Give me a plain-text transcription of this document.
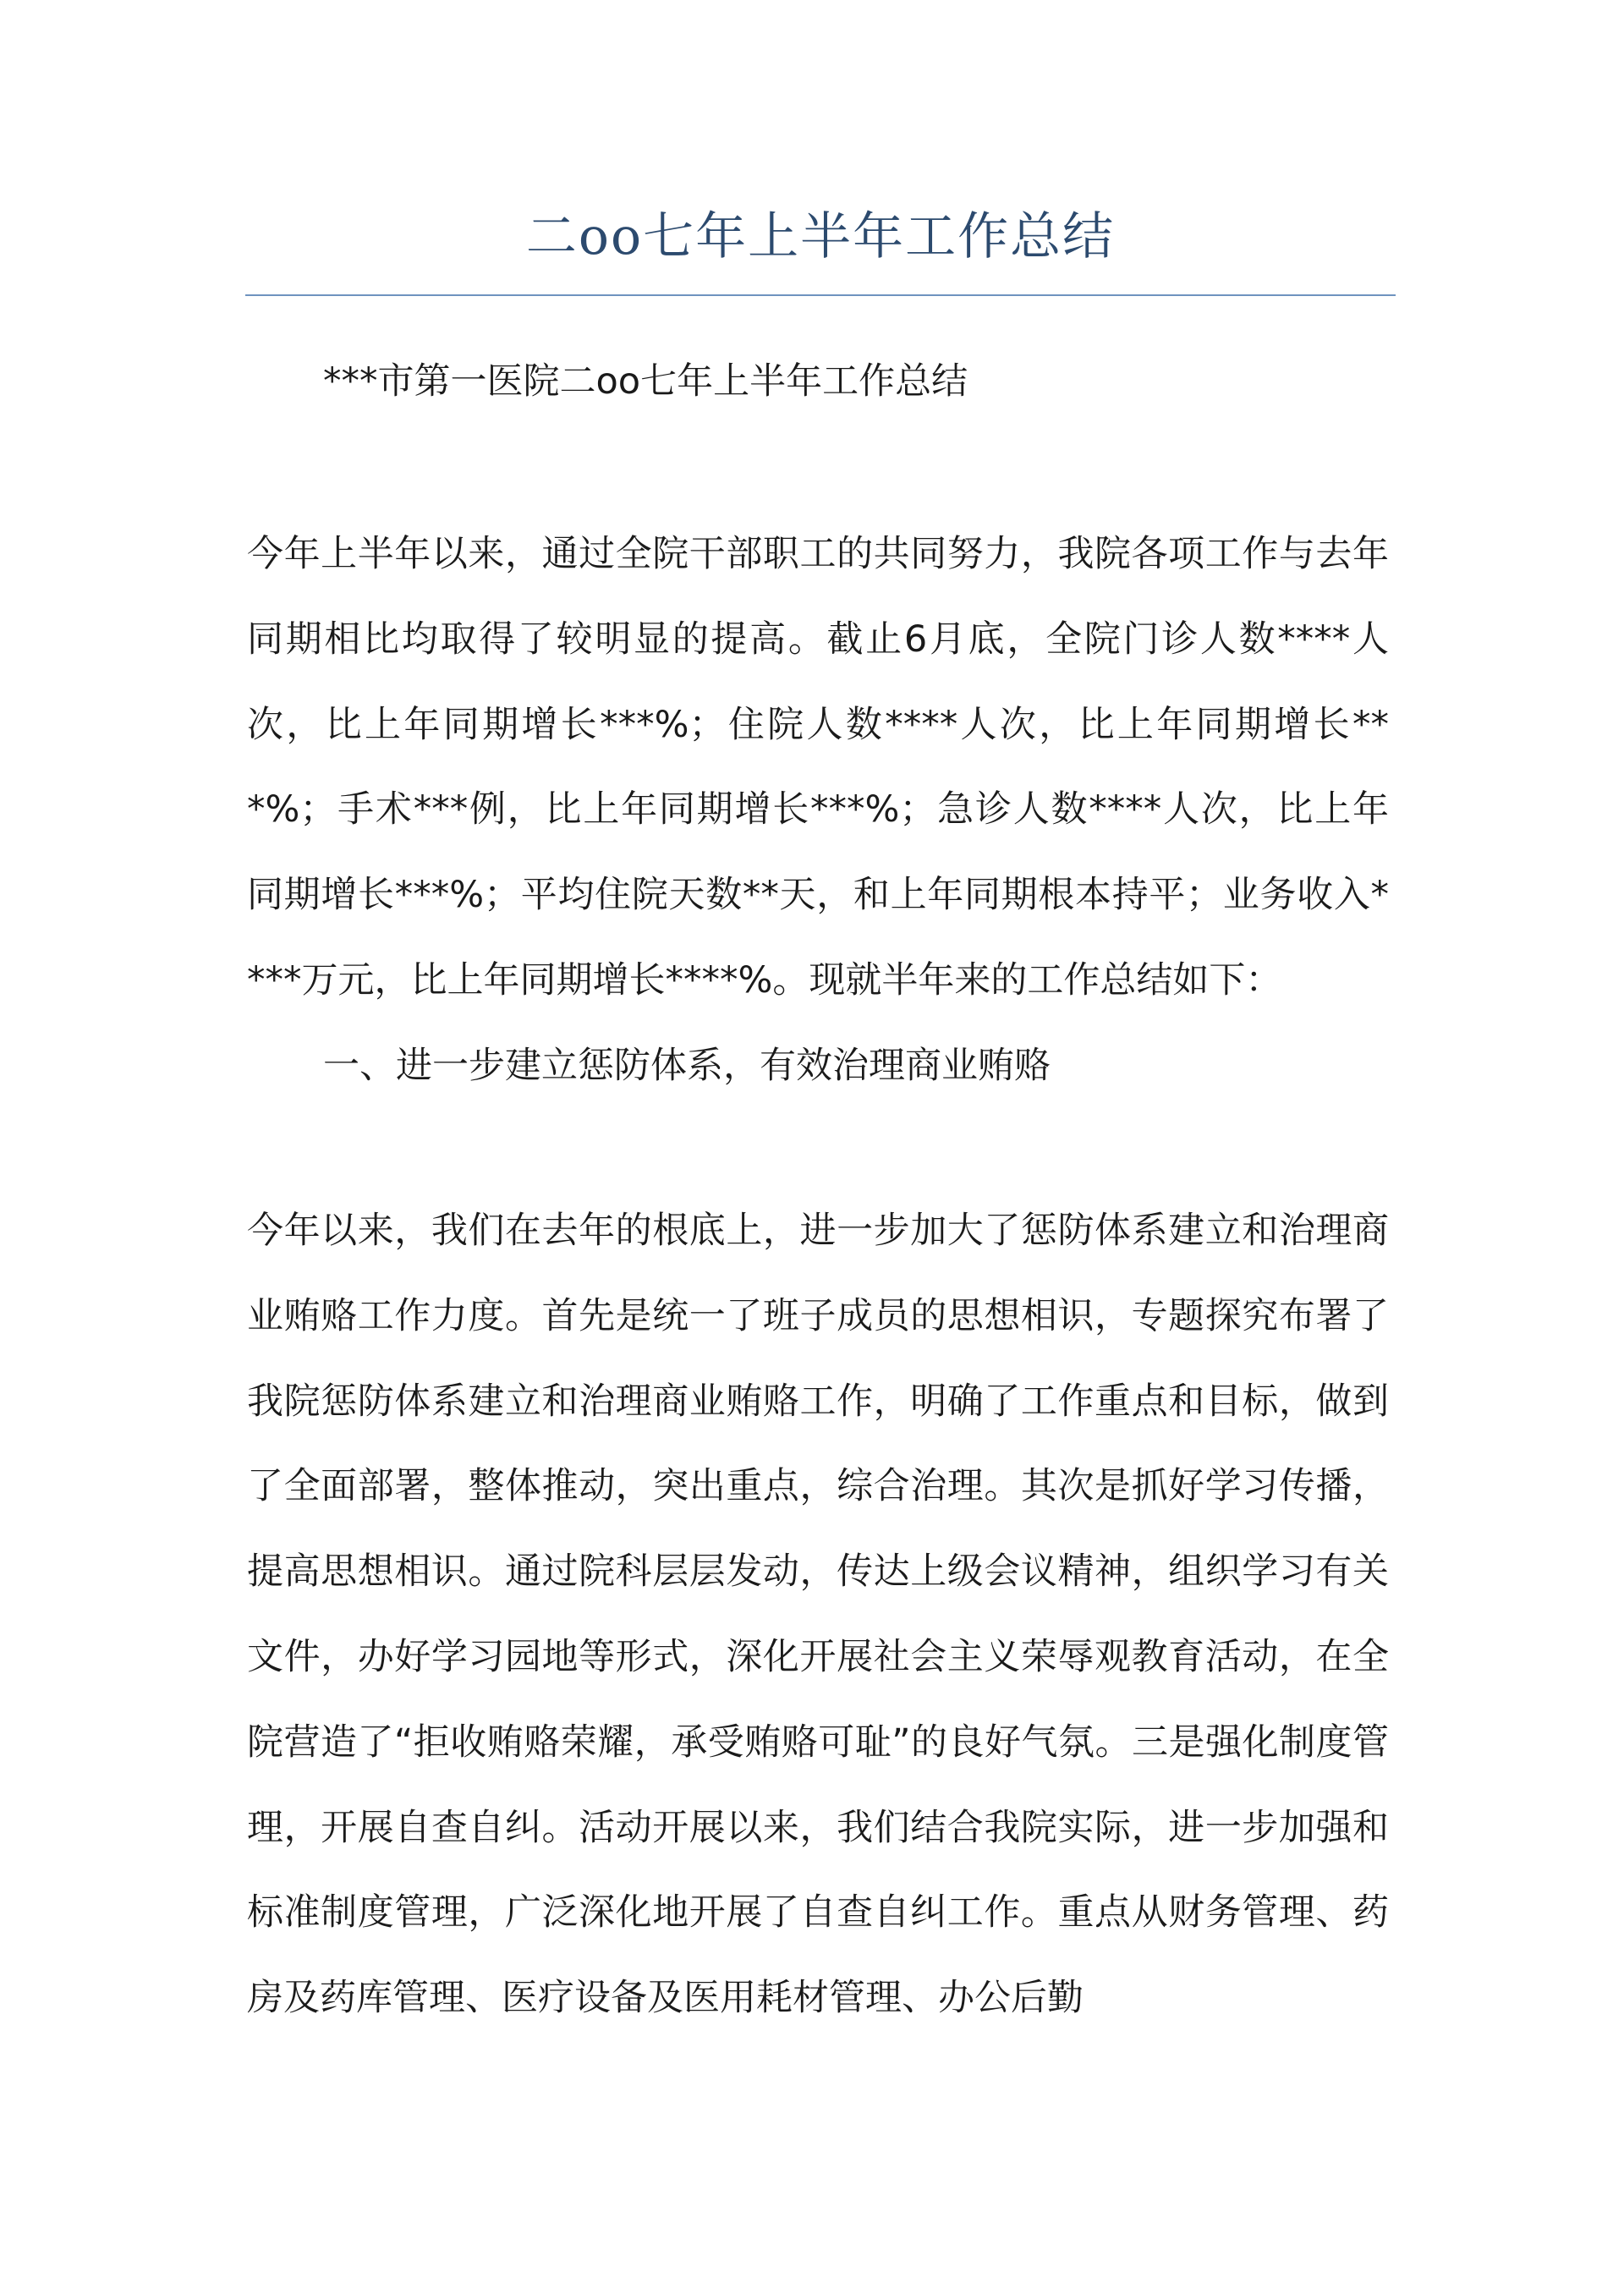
二oo七年上半年工作总结

***市第一医院二oo七年上半年工作总结

今年上半年以来，通过全院干部职工的共同努力，我院各项工作与去年同期相比均取得了较明显的提高。截止6月底，全院门诊人数****人次，比上年同期增长***%；住院人数****人次，比上年同期增长***%；手术***例，比上年同期增长***%；急诊人数****人次，比上年同期增长***%；平均住院天数**天，和上年同期根本持平；业务收入****万元，比上年同期增长****%。现就半年来的工作总结如下：

一、进一步建立惩防体系，有效治理商业贿赂

今年以来，我们在去年的根底上，进一步加大了惩防体系建立和治理商业贿赂工作力度。首先是统一了班子成员的思想相识，专题探究布署了我院惩防体系建立和治理商业贿赂工作，明确了工作重点和目标，做到了全面部署，整体推动，突出重点，综合治理。其次是抓好学习传播，提高思想相识。通过院科层层发动，传达上级会议精神，组织学习有关文件，办好学习园地等形式，深化开展社会主义荣辱观教育活动，在全院营造了“拒收贿赂荣耀，承受贿赂可耻”的良好气氛。三是强化制度管理，开展自查自纠。活动开展以来，我们结合我院实际，进一步加强和标准制度管理，广泛深化地开展了自查自纠工作。重点从财务管理、药房及药库管理、医疗设备及医用耗材管理、办公后勤
